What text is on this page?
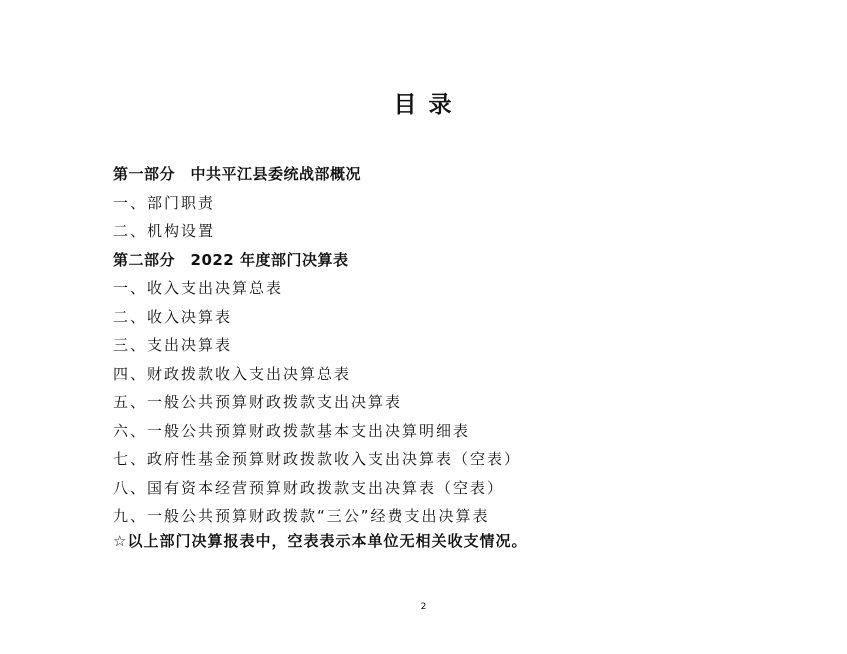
目 录
第一部分　中共平江县委统战部概况
一、部门职责
二、机构设置
第二部分　2022 年度部门决算表
一、收入支出决算总表
二、收入决算表
三、支出决算表
四、财政拨款收入支出决算总表
五、一般公共预算财政拨款支出决算表
六、一般公共预算财政拨款基本支出决算明细表
七、政府性基金预算财政拨款收入支出决算表（空表）
八、国有资本经营预算财政拨款支出决算表（空表）
九、一般公共预算财政拨款“三公”经费支出决算表
☆以上部门决算报表中，空表表示本单位无相关收支情况。
2
